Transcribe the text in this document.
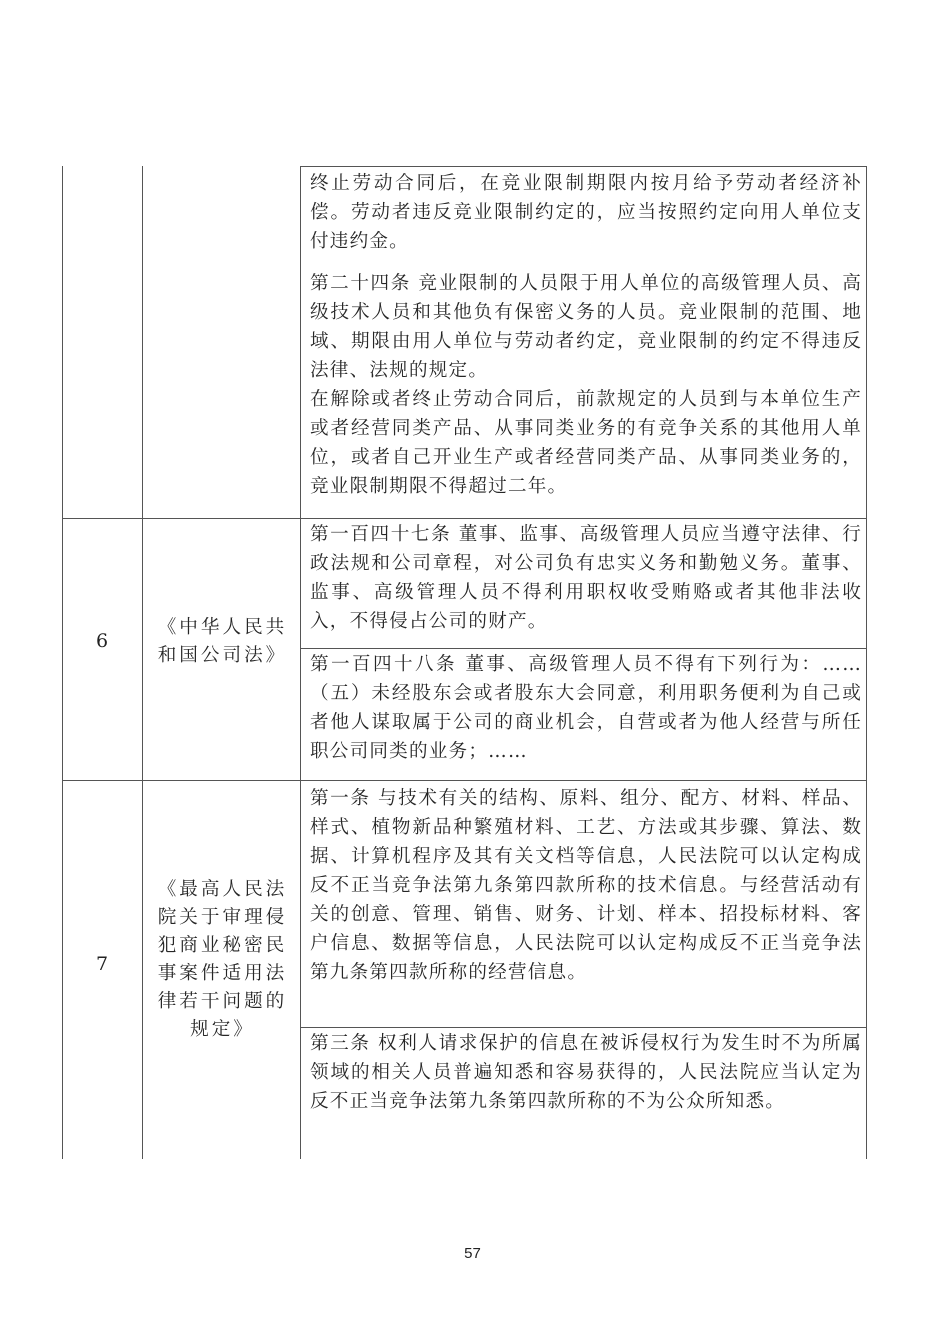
终止劳动合同后，在竞业限制期限内按月给予劳动者经济补偿。劳动者违反竞业限制约定的，应当按照约定向用人单位支付违约金。
第二十四条 竞业限制的人员限于用人单位的高级管理人员、高级技术人员和其他负有保密义务的人员。竞业限制的范围、地域、期限由用人单位与劳动者约定，竞业限制的约定不得违反法律、法规的规定。
在解除或者终止劳动合同后，前款规定的人员到与本单位生产或者经营同类产品、从事同类业务的有竞争关系的其他用人单位，或者自己开业生产或者经营同类产品、从事同类业务的，竞业限制期限不得超过二年。
6
《中华人民共和国公司法》
第一百四十七条 董事、监事、高级管理人员应当遵守法律、行政法规和公司章程，对公司负有忠实义务和勤勉义务。董事、监事、高级管理人员不得利用职权收受贿赂或者其他非法收入，不得侵占公司的财产。
第一百四十八条 董事、高级管理人员不得有下列行为：……（五）未经股东会或者股东大会同意，利用职务便利为自己或者他人谋取属于公司的商业机会，自营或者为他人经营与所任职公司同类的业务；……
7
《最高人民法院关于审理侵犯商业秘密民事案件适用法律若干问题的规定》
第一条 与技术有关的结构、原料、组分、配方、材料、样品、样式、植物新品种繁殖材料、工艺、方法或其步骤、算法、数据、计算机程序及其有关文档等信息，人民法院可以认定构成反不正当竞争法第九条第四款所称的技术信息。与经营活动有关的创意、管理、销售、财务、计划、样本、招投标材料、客户信息、数据等信息，人民法院可以认定构成反不正当竞争法第九条第四款所称的经营信息。
第三条 权利人请求保护的信息在被诉侵权行为发生时不为所属领域的相关人员普遍知悉和容易获得的，人民法院应当认定为反不正当竞争法第九条第四款所称的不为公众所知悉。
57
